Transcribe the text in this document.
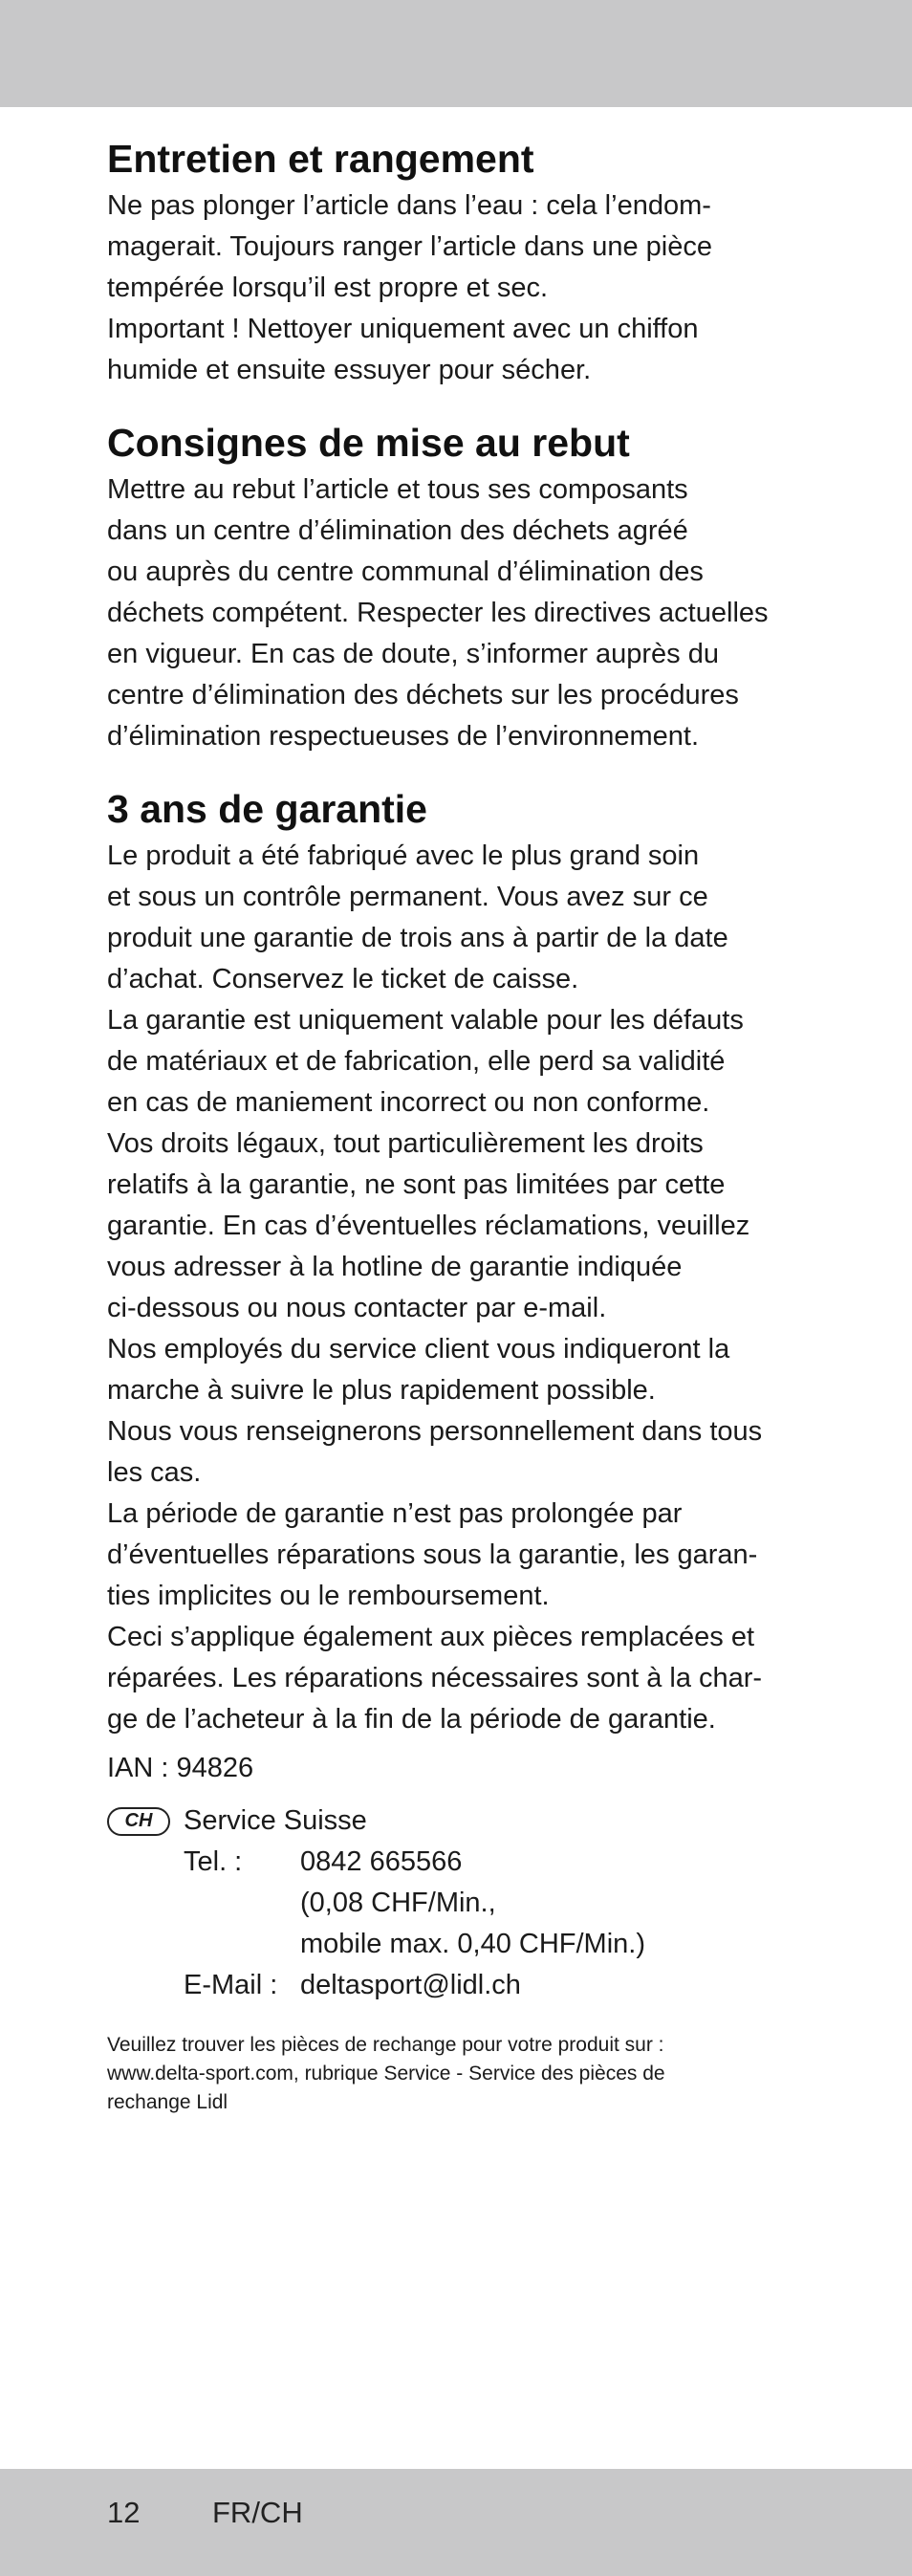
Entretien et rangement

Ne pas plonger l’article dans l’eau : cela l’endom-
magerait. Toujours ranger l’article dans une pièce
tempérée lorsqu’il est propre et sec.
Important ! Nettoyer uniquement avec un chiffon
humide et ensuite essuyer pour sécher.

Consignes de mise au rebut

Mettre au rebut l’article et tous ses composants
dans un centre d’élimination des déchets agréé
ou auprès du centre communal d’élimination des
déchets compétent. Respecter les directives actuelles
en vigueur. En cas de doute, s’informer auprès du
centre d’élimination des déchets sur les procédures
d’élimination respectueuses de l’environnement.

3 ans de garantie

Le produit a été fabriqué avec le plus grand soin
et sous un contrôle permanent. Vous avez sur ce
produit une garantie de trois ans à partir de la date
d’achat. Conservez le ticket de caisse.
La garantie est uniquement valable pour les défauts
de matériaux et de fabrication, elle perd sa validité
en cas de maniement incorrect ou non conforme.
Vos droits légaux, tout particulièrement les droits
relatifs à la garantie, ne sont pas limitées par cette
garantie. En cas d’éventuelles réclamations, veuillez
vous adresser à la hotline de garantie indiquée
ci-dessous ou nous contacter par e-mail.
Nos employés du service client vous indiqueront la
marche à suivre le plus rapidement possible.
Nous vous renseignerons personnellement dans tous
les cas.
La période de garantie n’est pas prolongée par
d’éventuelles réparations sous la garantie, les garan-
ties implicites ou le remboursement.
Ceci s’applique également aux pièces remplacées et
réparées. Les réparations nécessaires sont à la char-
ge de l’acheteur à la fin de la période de garantie.

IAN : 94826
CH	Service Suisse
Tel. : 0842 665566
(0,08 CHF/Min.,
mobile max. 0,40 CHF/Min.)
E-Mail : deltasport@lidl.ch

Veuillez trouver les pièces de rechange pour votre produit sur :
www.delta-sport.com, rubrique Service - Service des pièces de
rechange Lidl

12 FR/CH
